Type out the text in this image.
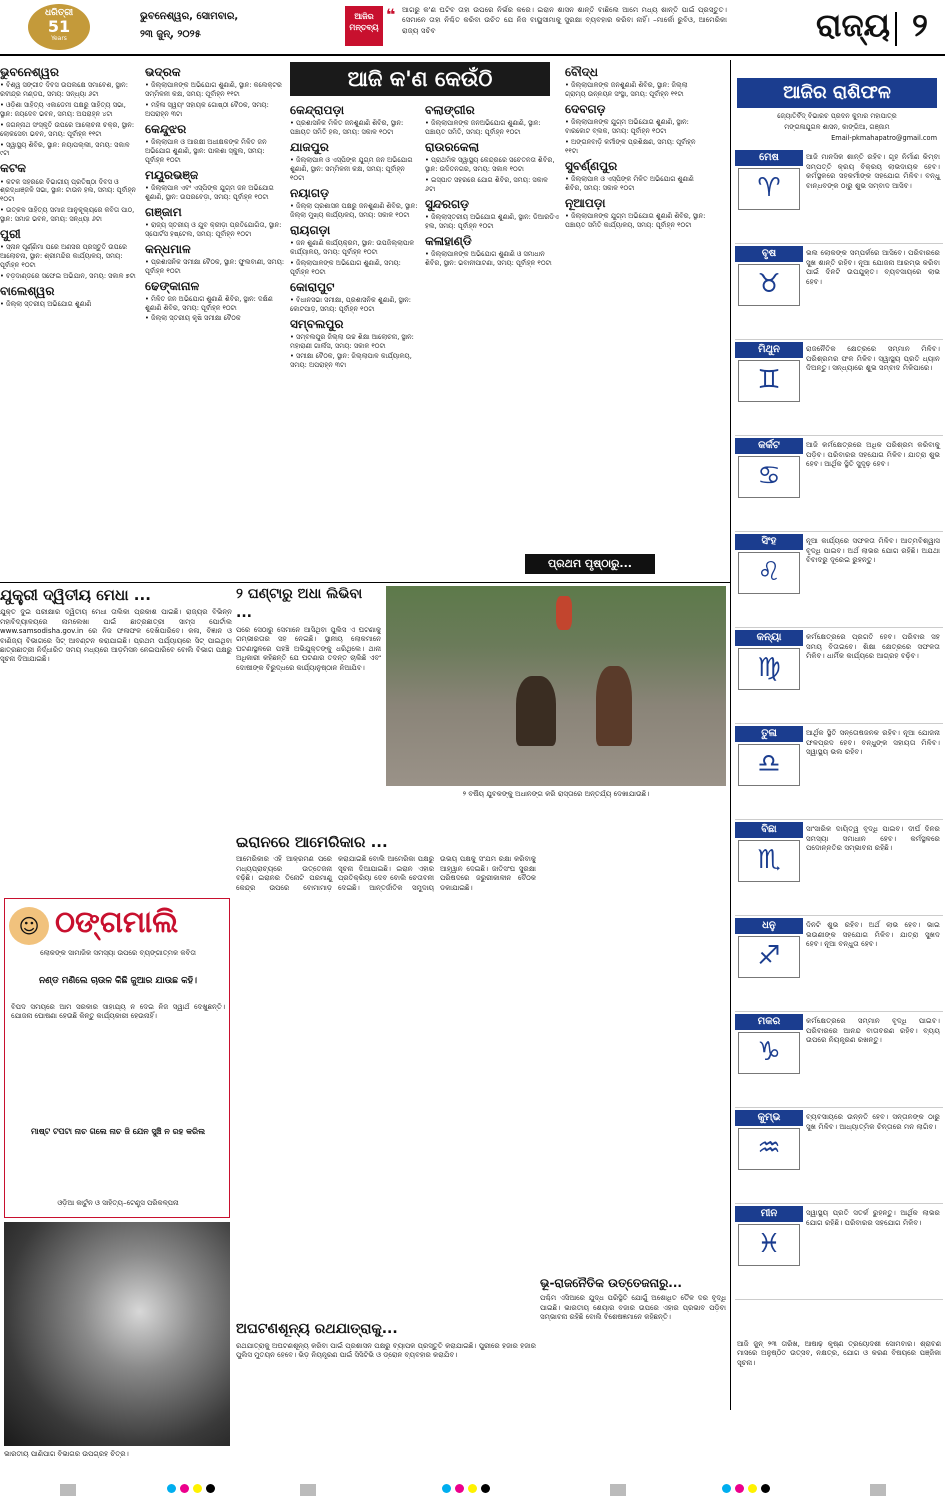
ଧରିତ୍ରୀ
51
Years
ଭୁବନେଶ୍ୱର, ସୋମବାର,
୨୩ ଜୁନ୍, ୨୦୨୫
ଆଜିର
ମନ୍ତବ୍ୟ
❝ ଆଗରୁ କ'ଣ ଘଟିବ ତାହା ଉପରେ ନିର୍ଭର କରେ। ଇରାନ ଶାସନ ଶାନ୍ତି ବାଛିଲେ ଆମେ ମଧ୍ୟ ଶାନ୍ତି ପାଇଁ ପ୍ରସ୍ତୁତ। ସେମାନେ ତାହା ନିଶ୍ଚିତ କରିବା ଉଚିତ ଯେ ନିଜ ବାୟୁସୀମାକୁ ସୁରକ୍ଷା ବ୍ୟବହାର କରିବା ନାହିଁ। –ମାର୍କୋ ରୁବିଓ, ଆମେରିକା ରାଜ୍ୟ ସଚିବ	ରାଜ୍ୟ ୨
ଆଜି କ'ଣ କେଉଁଠି
ଭୁବନେଶ୍ୱର
• ବିଶ୍ୱ ସଙ୍ଗୀତ ଦିବସ ଉପଲକ୍ଷେ ସମାବେଶ, ସ୍ଥାନ: ରବୀନ୍ଦ୍ର ମଣ୍ଡପ, ସମୟ: ସନ୍ଧ୍ୟା ୬ଟା
• ଓଡ଼ିଶା ସାହିତ୍ୟ ଏକାଡେମୀ ପକ୍ଷରୁ ସାହିତ୍ୟ ସଭା, ସ୍ଥାନ: ଜୟଦେବ ଭବନ, ସମୟ: ଅପରାହ୍ନ ୪ଟା
• ଜଗନ୍ନାଥ ସଂସ୍କୃତି ଉପରେ ଆଲୋଚନା ଚକ୍ର, ସ୍ଥାନ: ଲୋକସେବା ଭବନ, ସମୟ: ପୂର୍ବାହ୍ନ ୧୧ଟା
• ସ୍ୱାସ୍ଥ୍ୟ ଶିବିର, ସ୍ଥାନ: ନୟାପଲ୍ଲୀ, ସମୟ: ସକାଳ ୯ଟା
କଟକ
• କଟକ ସହରରେ ବିଭାଗୀୟ ପ୍ରତିଷ୍ଠା ଦିବସ ଓ ଶ୍ରଦ୍ଧାଞ୍ଜଳି ସଭା, ସ୍ଥାନ: ଟାଉନ ହଲ, ସମୟ: ପୂର୍ବାହ୍ନ ୧୦ଟା
• ଉତ୍କଳ ସାହିତ୍ୟ ସମାଜ ଆନୁକୂଲ୍ୟରେ କବିତା ପାଠ, ସ୍ଥାନ: ସମାଜ ଭବନ, ସମୟ: ସନ୍ଧ୍ୟା ୬ଟା
ପୁରୀ
• ସ୍ନାନ ପୂର୍ଣ୍ଣିମା ପରେ ଅଣସର ପ୍ରସ୍ତୁତି ଉପରେ ଆଲୋଚନା, ସ୍ଥାନ: ଶ୍ରୀମନ୍ଦିର କାର୍ଯ୍ୟାଳୟ, ସମୟ: ପୂର୍ବାହ୍ନ ୧୦ଟା
• ବଡ଼ଦାଣ୍ଡରେ ସଫେଇ ଅଭିଯାନ, ସମୟ: ସକାଳ ୭ଟା
ବାଲେଶ୍ୱର
• ଜିଲ୍ଲା ସ୍ତରୀୟ ଅଭିଯୋଗ ଶୁଣାଣି
ଭଦ୍ରକ
• ଜିଲ୍ଲାପାଳଙ୍କ ଅଭିଯୋଗ ଶୁଣାଣି, ସ୍ଥାନ: କଲେକ୍ଟର ସମ୍ମିଳନୀ କକ୍ଷ, ସମୟ: ପୂର୍ବାହ୍ନ ୧୧ଟା
• ମହିଳା ସ୍ୱୟଂ ସହାୟକ ଗୋଷ୍ଠୀ ବୈଠକ, ସମୟ: ଅପରାହ୍ନ ୩ଟା
କେନ୍ଦୁଝର
• ଜିଲ୍ଲାପାଳ ଓ ଆରକ୍ଷୀ ଅଧୀକ୍ଷକଙ୍କ ମିଳିତ ଜନ ଅଭିଯୋଗ ଶୁଣାଣି, ସ୍ଥାନ: ପାଲଶା ସ୍କୁଲ, ସମୟ: ପୂର୍ବାହ୍ନ ୧୦ଟା
ମୟୂରଭଞ୍ଜ
• ଜିଲ୍ଲାପାଳ ଏବଂ ଏସ୍‌ପିଙ୍କ ଯୁଗ୍ମ ଜନ ଅଭିଯୋଗ ଶୁଣାଣି, ସ୍ଥାନ: ଉପରବେଡ଼ା, ସମୟ: ପୂର୍ବାହ୍ନ ୧୦ଟା
ଗଞ୍ଜାମ
• ରାଜ୍ୟ ସ୍ତରୀୟ ଓ ଯୁବ କ୍ରୀଡ଼ା ପ୍ରତିଯୋଗିତା, ସ୍ଥାନ: ସ୍ପୋର୍ଟସ ହଷ୍ଟେଲ, ସମୟ: ପୂର୍ବାହ୍ନ ୧୦ଟା
କନ୍ଧମାଳ
• ପ୍ରଶାସନିକ ସମୀକ୍ଷା ବୈଠକ, ସ୍ଥାନ: ଫୁଲବାଣୀ, ସମୟ: ପୂର୍ବାହ୍ନ ୧୦ଟା
ଢେଙ୍କାନାଳ
• ମିଳିତ ଜନ ଅଭିଯୋଗ ଶୁଣାଣି ଶିବିର, ସ୍ଥାନ: ଦକ୍ଷିଣ ଶୁଣାଣି ଶିବିର, ସମୟ: ପୂର୍ବାହ୍ନ ୧୦ଟା
• ଜିଲ୍ଲା ସ୍ତରୀୟ କୃଷି ସମୀକ୍ଷା ବୈଠକ
କେନ୍ଦ୍ରାପଡ଼ା
• ପ୍ରଶାସନିକ ମିଳିତ ଜନଶୁଣାଣି ଶିବିର, ସ୍ଥାନ: ପଞ୍ଚାୟତ ସମିତି ହଲ, ସମୟ: ସକାଳ ୧୦ଟା
ଯାଜପୁର
• ଜିଲ୍ଲାପାଳ ଓ ଏସ୍‌ପିଙ୍କ ଯୁଗ୍ମ ଜନ ଅଭିଯୋଗ ଶୁଣାଣି, ସ୍ଥାନ: ସମ୍ମିଳନୀ କକ୍ଷ, ସମୟ: ପୂର୍ବାହ୍ନ ୧୦ଟା
ନୟାଗଡ଼
• ଜିଲ୍ଲା ପ୍ରଶାସନ ପକ୍ଷରୁ ଜନଶୁଣାଣି ଶିବିର, ସ୍ଥାନ: ଜିଲ୍ଲା ମୁଖ୍ୟ କାର୍ଯ୍ୟାଳୟ, ସମୟ: ସକାଳ ୧୦ଟା
ରାୟଗଡ଼ା
• ଜନ ଶୁଣାଣି କାର୍ଯ୍ୟକ୍ରମ, ସ୍ଥାନ: ଉପଜିଲ୍ଲାପାଳ କାର୍ଯ୍ୟାଳୟ, ସମୟ: ପୂର୍ବାହ୍ନ ୧୦ଟା
• ଜିଲ୍ଲାପାଳଙ୍କ ଅଭିଯୋଗ ଶୁଣାଣି, ସମୟ: ପୂର୍ବାହ୍ନ ୧୦ଟା
କୋରାପୁଟ
• ବିଧାନସଭା ସମୀକ୍ଷା, ପ୍ରଶାସନିକ ଶୁଣାଣି, ସ୍ଥାନ: କୋଟପାଡ଼, ସମୟ: ପୂର୍ବାହ୍ନ ୧୦ଟା
ସମ୍ବଲପୁର
• ସମ୍ବଲପୁର ଜିଲ୍ଲା ଉଚ୍ଚ ଶିକ୍ଷା ଆଲୋଚନା, ସ୍ଥାନ: ମହାରାଣୀ ଗାର୍ଲସ, ସମୟ: ସକାଳ ୧୦ଟା
• ସମୀକ୍ଷା ବୈଠକ, ସ୍ଥାନ: ଜିଲ୍ଲାପାଳ କାର୍ଯ୍ୟାଳୟ, ସମୟ: ଅପରାହ୍ନ ୩ଟା
ବଲାଙ୍ଗୀର
• ଜିଲ୍ଲାପାଳଙ୍କ ଜନଅଭିଯୋଗ ଶୁଣାଣି, ସ୍ଥାନ: ପଞ୍ଚାୟତ ସମିତି, ସମୟ: ପୂର୍ବାହ୍ନ ୧୦ଟା
ରାଉରକେଲା
• ପ୍ରାଥମିକ ସ୍ୱାସ୍ଥ୍ୟ କେନ୍ଦ୍ରରେ ସଚେତନତା ଶିବିର, ସ୍ଥାନ: ଉଦିତନଗର, ସମୟ: ସକାଳ ୧୦ଟା
• ଇସ୍ପାତ ସହରରେ ଯୋଗ ଶିବିର, ସମୟ: ସକାଳ ୬ଟା
ସୁନ୍ଦରଗଡ଼
• ଜିଲ୍ଲାସ୍ତରୀୟ ଅଭିଯୋଗ ଶୁଣାଣି, ସ୍ଥାନ: ଡିଆରଡିଏ ହଲ, ସମୟ: ପୂର୍ବାହ୍ନ ୧୦ଟା
କଳାହାଣ୍ଡି
• ଜିଲ୍ଲାପାଳଙ୍କ ଅଭିଯୋଗ ଶୁଣାଣି ଓ ସମାଧାନ ଶିବିର, ସ୍ଥାନ: ଭବାନୀପାଟଣା, ସମୟ: ପୂର୍ବାହ୍ନ ୧୦ଟା
ବୌଦ୍ଧ
• ଜିଲ୍ଲାପାଳଙ୍କ ଜନଶୁଣାଣି ଶିବିର, ସ୍ଥାନ: ଜିଲ୍ଲା ଗ୍ରାମ୍ୟ ଉନ୍ନୟନ ସଂସ୍ଥା, ସମୟ: ପୂର୍ବାହ୍ନ ୧୧ଟା
ଦେବଗଡ଼
• ଜିଲ୍ଲାପାଳଙ୍କ ଯୁଗ୍ମ ଅଭିଯୋଗ ଶୁଣାଣି, ସ୍ଥାନ: ବାରକୋଟ ବ୍ଲକ, ସମୟ: ପୂର୍ବାହ୍ନ ୧୦ଟା
• ଅଙ୍ଗନବାଡ଼ି କର୍ମୀଙ୍କ ପ୍ରଶିକ୍ଷଣ, ସମୟ: ପୂର୍ବାହ୍ନ ୧୧ଟା
ସୁବର୍ଣ୍ଣପୁର
• ଜିଲ୍ଲାପାଳ ଓ ଏସ୍‌ପିଙ୍କ ମିଳିତ ଅଭିଯୋଗ ଶୁଣାଣି ଶିବିର, ସମୟ: ସକାଳ ୧୦ଟା
ନୂଆପଡ଼ା
• ଜିଲ୍ଲାପାଳଙ୍କ ଯୁଗ୍ମ ଅଭିଯୋଗ ଶୁଣାଣି ଶିବିର, ସ୍ଥାନ: ପଞ୍ଚାୟତ ସମିତି କାର୍ଯ୍ୟାଳୟ, ସମୟ: ପୂର୍ବାହ୍ନ ୧୦ଟା
ପ୍ରଥମ ପୃଷ୍ଠାରୁ...
ଆଜିର ରାଶିଫଳ
ଜ୍ୟୋତିର୍ବିଦ୍ ବିଭାରଚ ପ୍ରଦନ କୁମାର ମହାପାତ୍ର
ମଙ୍ଗଳାଯୁଗଳ ଶାସନ, କାଙ୍ଗିଆ, ଗଞ୍ଜାମ
Email-pkmahapatro@gmail.com
ମେଷ
♈
ଆଜି ମାନସିକ ଶାନ୍ତି ରହିବ। ଗୃହ ନିର୍ମାଣ କିମ୍ବା ସମ୍ପତ୍ତି କ୍ରୟ ବିକ୍ରୟ ଲାଭଦାୟକ ହେବ। କର୍ମସ୍ଥଳରେ ସହକର୍ମୀଙ୍କ ସହଯୋଗ ମିଳିବ। ବନ୍ଧୁ ବାନ୍ଧବଙ୍କ ଠାରୁ ଶୁଭ ସମ୍ବାଦ ଆସିବ।
ବୃଷ
♉
ଭଲ ଲୋକଙ୍କ ସମ୍ପର୍କରେ ଆସିବେ। ପରିବାରରେ ସୁଖ ଶାନ୍ତି ରହିବ। ନୂଆ ଯୋଜନା ଆରମ୍ଭ କରିବା ପାଇଁ ଦିନଟି ଉପଯୁକ୍ତ। ବ୍ୟବସାୟରେ ଲାଭ ହେବ।
ମିଥୁନ
♊
ରାଜନୈତିକ କ୍ଷେତ୍ରରେ ସମ୍ମାନ ମିଳିବ। ପରିଶ୍ରମର ଫଳ ମିଳିବ। ସ୍ୱାସ୍ଥ୍ୟ ପ୍ରତି ଧ୍ୟାନ ଦିଅନ୍ତୁ। ସନ୍ଧ୍ୟାରେ ଶୁଭ ସମ୍ବାଦ ମିଳିପାରେ।
କର୍କଟ
♋
ଆଜି କର୍ମକ୍ଷେତ୍ରରେ ଅଧିକ ପରିଶ୍ରମ କରିବାକୁ ପଡ଼ିବ। ପରିବାରର ସହଯୋଗ ମିଳିବ। ଯାତ୍ରା ଶୁଭ ହେବ। ଆର୍ଥିକ ସ୍ଥିତି ସୁଦୃଢ଼ ହେବ।
ସିଂହ
♌
ନୂଆ କାର୍ଯ୍ୟରେ ସଫଳତା ମିଳିବ। ଆତ୍ମବିଶ୍ୱାସ ବୃଦ୍ଧି ପାଇବ। ଅର୍ଥ ଲାଭର ଯୋଗ ରହିଛି। ଅଯଥା ବିବାଦରୁ ଦୂରେଇ ରୁହନ୍ତୁ।
କନ୍ୟା
♍
କର୍ମକ୍ଷେତ୍ରରେ ପ୍ରଗତି ହେବ। ପରିବାର ସହ ସମୟ ବିତାଇବେ। ଶିକ୍ଷା କ୍ଷେତ୍ରରେ ସଫଳତା ମିଳିବ। ଧାର୍ମିକ କାର୍ଯ୍ୟରେ ଆଗ୍ରହ ବଢ଼ିବ।
ତୁଳା
♎
ଆର୍ଥିକ ସ୍ଥିତି ସନ୍ତୋଷଜନକ ରହିବ। ନୂଆ ଯୋଜନା ଫଳପ୍ରଦ ହେବ। ବନ୍ଧୁଙ୍କ ସହାୟତା ମିଳିବ। ସ୍ୱାସ୍ଥ୍ୟ ଭଲ ରହିବ।
ବିଛା
♏
ସାଂସାରିକ ଦାୟିତ୍ୱ ବୃଦ୍ଧି ପାଇବ। ଦୀର୍ଘ ଦିନର ସମସ୍ୟା ସମାଧାନ ହେବ। କର୍ମସ୍ଥଳରେ ପଦୋନ୍ନତିର ସମ୍ଭାବନା ରହିଛି।
ଧନୁ
♐
ଦିନଟି ଶୁଭ ରହିବ। ଅର୍ଥ ଲାଭ ହେବ। ଭାଇ ଭଉଣୀଙ୍କ ସହଯୋଗ ମିଳିବ। ଯାତ୍ରା ସୁଖଦ ହେବ। ନୂଆ ବନ୍ଧୁତା ହେବ।
ମକର
♑
କର୍ମକ୍ଷେତ୍ରରେ ସମ୍ମାନ ବୃଦ୍ଧି ପାଇବ। ପରିବାରରେ ଆନନ୍ଦ ବାତାବରଣ ରହିବ। ବ୍ୟୟ ଉପରେ ନିୟନ୍ତ୍ରଣ ରଖନ୍ତୁ।
କୁମ୍ଭ
♒
ବ୍ୟବସାୟରେ ଉନ୍ନତି ହେବ। ସନ୍ତାନଙ୍କ ଠାରୁ ସୁଖ ମିଳିବ। ଆଧ୍ୟାତ୍ମିକ ଚିନ୍ତାରେ ମନ ଲାଗିବ।
ମୀନ
♓
ସ୍ୱାସ୍ଥ୍ୟ ପ୍ରତି ସତର୍କ ରୁହନ୍ତୁ। ଆର୍ଥିକ ଲାଭର ଯୋଗ ରହିଛି। ପରିବାରର ସହଯୋଗ ମିଳିବ।
ଆଜି ଜୁନ୍ ୨୩ ତାରିଖ, ଆଷାଢ଼ କୃଷ୍ଣ ତ୍ରୟୋଦଶୀ ସୋମବାର। ଶ୍ରାବଣ ମାସରେ ଅନୁଷ୍ଠିତ ଉତ୍ସବ, ନକ୍ଷତ୍ର, ଯୋଗ ଓ କରଣ ବିଷୟରେ ପଞ୍ଜିକା ସୂଚନା।
ଯୁକ୍ତ୍ରୀ ଦ୍ୱିତୀୟ ମେଧା ...
ଯୁକ୍ତ ଦୁଇ ପରୀକ୍ଷାର ଦ୍ୱିତୀୟ ମେଧା ତାଲିକା ପ୍ରକାଶ ପାଇଛି। ରାଜ୍ୟର ବିଭିନ୍ନ ମହାବିଦ୍ୟାଳୟରେ ନାମଲେଖା ପାଇଁ ଛାତ୍ରଛାତ୍ରୀ ସାମ୍ସ ପୋର୍ଟାଲ www.samsodisha.gov.in ରେ ନିଜ ଫଳାଫଳ ଦେଖିପାରିବେ। କଳା, ବିଜ୍ଞାନ ଓ ବାଣିଜ୍ୟ ବିଭାଗରେ ସିଟ୍ ଆବଣ୍ଟନ କରାଯାଇଛି। ପ୍ରଥମ ପର୍ଯ୍ୟାୟରେ ସିଟ୍ ପାଇଥିବା ଛାତ୍ରଛାତ୍ରୀ ନିର୍ଦ୍ଧାରିତ ସମୟ ମଧ୍ୟରେ ଆଡ଼ମିସନ ନେଇପାରିବେ ବୋଲି ବିଭାଗ ପକ୍ଷରୁ ସୂଚନା ଦିଆଯାଇଛି।
୨ ଘଣ୍ଟାରୁ ଅଧା ଲିଭିବା ...
ପରେ ସେଠାରୁ ସେମାନେ ଆସିଥିବା ପୁଲିସ ଏ ଘଟଣାକୁ ଗମ୍ଭୀରତାର ସହ ନେଇଛି। ସ୍ଥାନୀୟ ଲୋକମାନେ ଘଟଣାସ୍ଥଳରେ ପହଞ୍ଚି ଅଭିଯୁକ୍ତଙ୍କୁ ଧରିଥିଲେ। ଥାନା ଅଧିକାରୀ କହିଛନ୍ତି ଯେ ଘଟଣାର ତଦନ୍ତ ଚାଲିଛି ଏବଂ ଦୋଷୀଙ୍କ ବିରୁଦ୍ଧରେ କାର୍ଯ୍ୟାନୁଷ୍ଠାନ ନିଆଯିବ।
୨ ବର୍ଷିୟ ଯୁବକଙ୍କୁ ଅଧାନଙ୍ଗ କରି ରାସ୍ତାରେ ଅନ୍ତର୍ଯ୍ୟ ଦେଖାଯାଉଛି।
ଇରାନରେ ଆମେରିକାର ...
ଆମେରିକାର ଏହି ଆକ୍ରମଣ ପରେ ମଧ୍ୟପ୍ରାଚ୍ୟରେ ଉତ୍ତେଜନା ବଢ଼ିଛି। ଇରାନର ତିନୋଟି ପରମାଣୁ କେନ୍ଦ୍ର ଉପରେ ବୋମାମାଡ଼ କରାଯାଇଛି ବୋଲି ଆମେରିକା ପକ୍ଷରୁ ସୂଚନା ଦିଆଯାଇଛି। ଇରାନ ଏହାର ପ୍ରତିକ୍ରିୟା ଦେବ ବୋଲି ଚେତାବନୀ ଦେଇଛି। ଆନ୍ତର୍ଜାତିକ ସମୁଦାୟ ଉଭୟ ପକ୍ଷକୁ ସଂଯମ ରକ୍ଷା କରିବାକୁ ଆହ୍ୱାନ ଦେଇଛି। ଜାତିସଂଘ ସୁରକ୍ଷା ପରିଷଦରେ ଜରୁରୀକାଳୀନ ବୈଠକ ଡକାଯାଇଛି।
ଭୂ-ରାଜନୈତିକ ଉତ୍ତେଜନାରୁ...
ପଶ୍ଚିମ ଏସିଆରେ ଯୁଦ୍ଧ ପରିସ୍ଥିତି ଯୋଗୁଁ ଅଶୋଧିତ ତୈଳ ଦର ବୃଦ୍ଧି ପାଇଛି। ଭାରତୀୟ ଶେୟାର ବଜାର ଉପରେ ଏହାର ପ୍ରଭାବ ପଡ଼ିବା ସମ୍ଭାବନା ରହିଛି ବୋଲି ବିଶେଷଜ୍ଞମାନେ କହିଛନ୍ତି।
ଅଘଟଣଶୂନ୍ୟ ରଥଯାତ୍ରାକୁ...
ରଥଯାତ୍ରାକୁ ଅଘଟଣଶୂନ୍ୟ କରିବା ପାଇଁ ପ୍ରଶାସନ ପକ୍ଷରୁ ବ୍ୟାପକ ପ୍ରସ୍ତୁତି କରାଯାଇଛି। ପୁରୀରେ ହଜାର ହଜାର ପୁଲିସ ମୁତୟନ ହେବେ। ଭିଡ଼ ନିୟନ୍ତ୍ରଣ ପାଇଁ ସିସିଟିଭି ଓ ଡ୍ରୋନ ବ୍ୟବହାର କରାଯିବ।
☺ ଠଙ୍ଗମାଲି
ଲୋକଙ୍କ ସାମାଜିକ ସମସ୍ୟା ଉପରେ ବ୍ୟଙ୍ଗାତ୍ମକ କବିତା
ନଣ୍ଡ ମଣିଲେ ଚାଉଳ କିଛି ଜୁଆର ଯାଉଛ କହି।
ବିପଦ ସମୟରେ ଆମ ସରକାର ସାହାଯ୍ୟ ନ ଦେଇ ନିଜ ସ୍ୱାର୍ଥ ଦେଖୁଛନ୍ତି। ଯୋଜନା ଘୋଷଣା ହେଉଛି କିନ୍ତୁ କାର୍ଯ୍ୟକାରୀ ହେଉନାହିଁ।
ମାଷ୍ଟ ଟପଟା ନାଚ ଗଲେ ନାଚ ଜି ଯେନ ସୁଞ୍ଚି ନ ରହ କରିଲ
ଓଡ଼ିଆ କାର୍ଟୁନ ଓ ସାହିତ୍ୟ–ଟେଣ୍ଟ୍ସ ପରିକଳ୍ପନା
ଭାରତୀୟ ପାଣିପାଗ ବିଭାଗର ଉପଗ୍ରହ ଚିତ୍ର।
